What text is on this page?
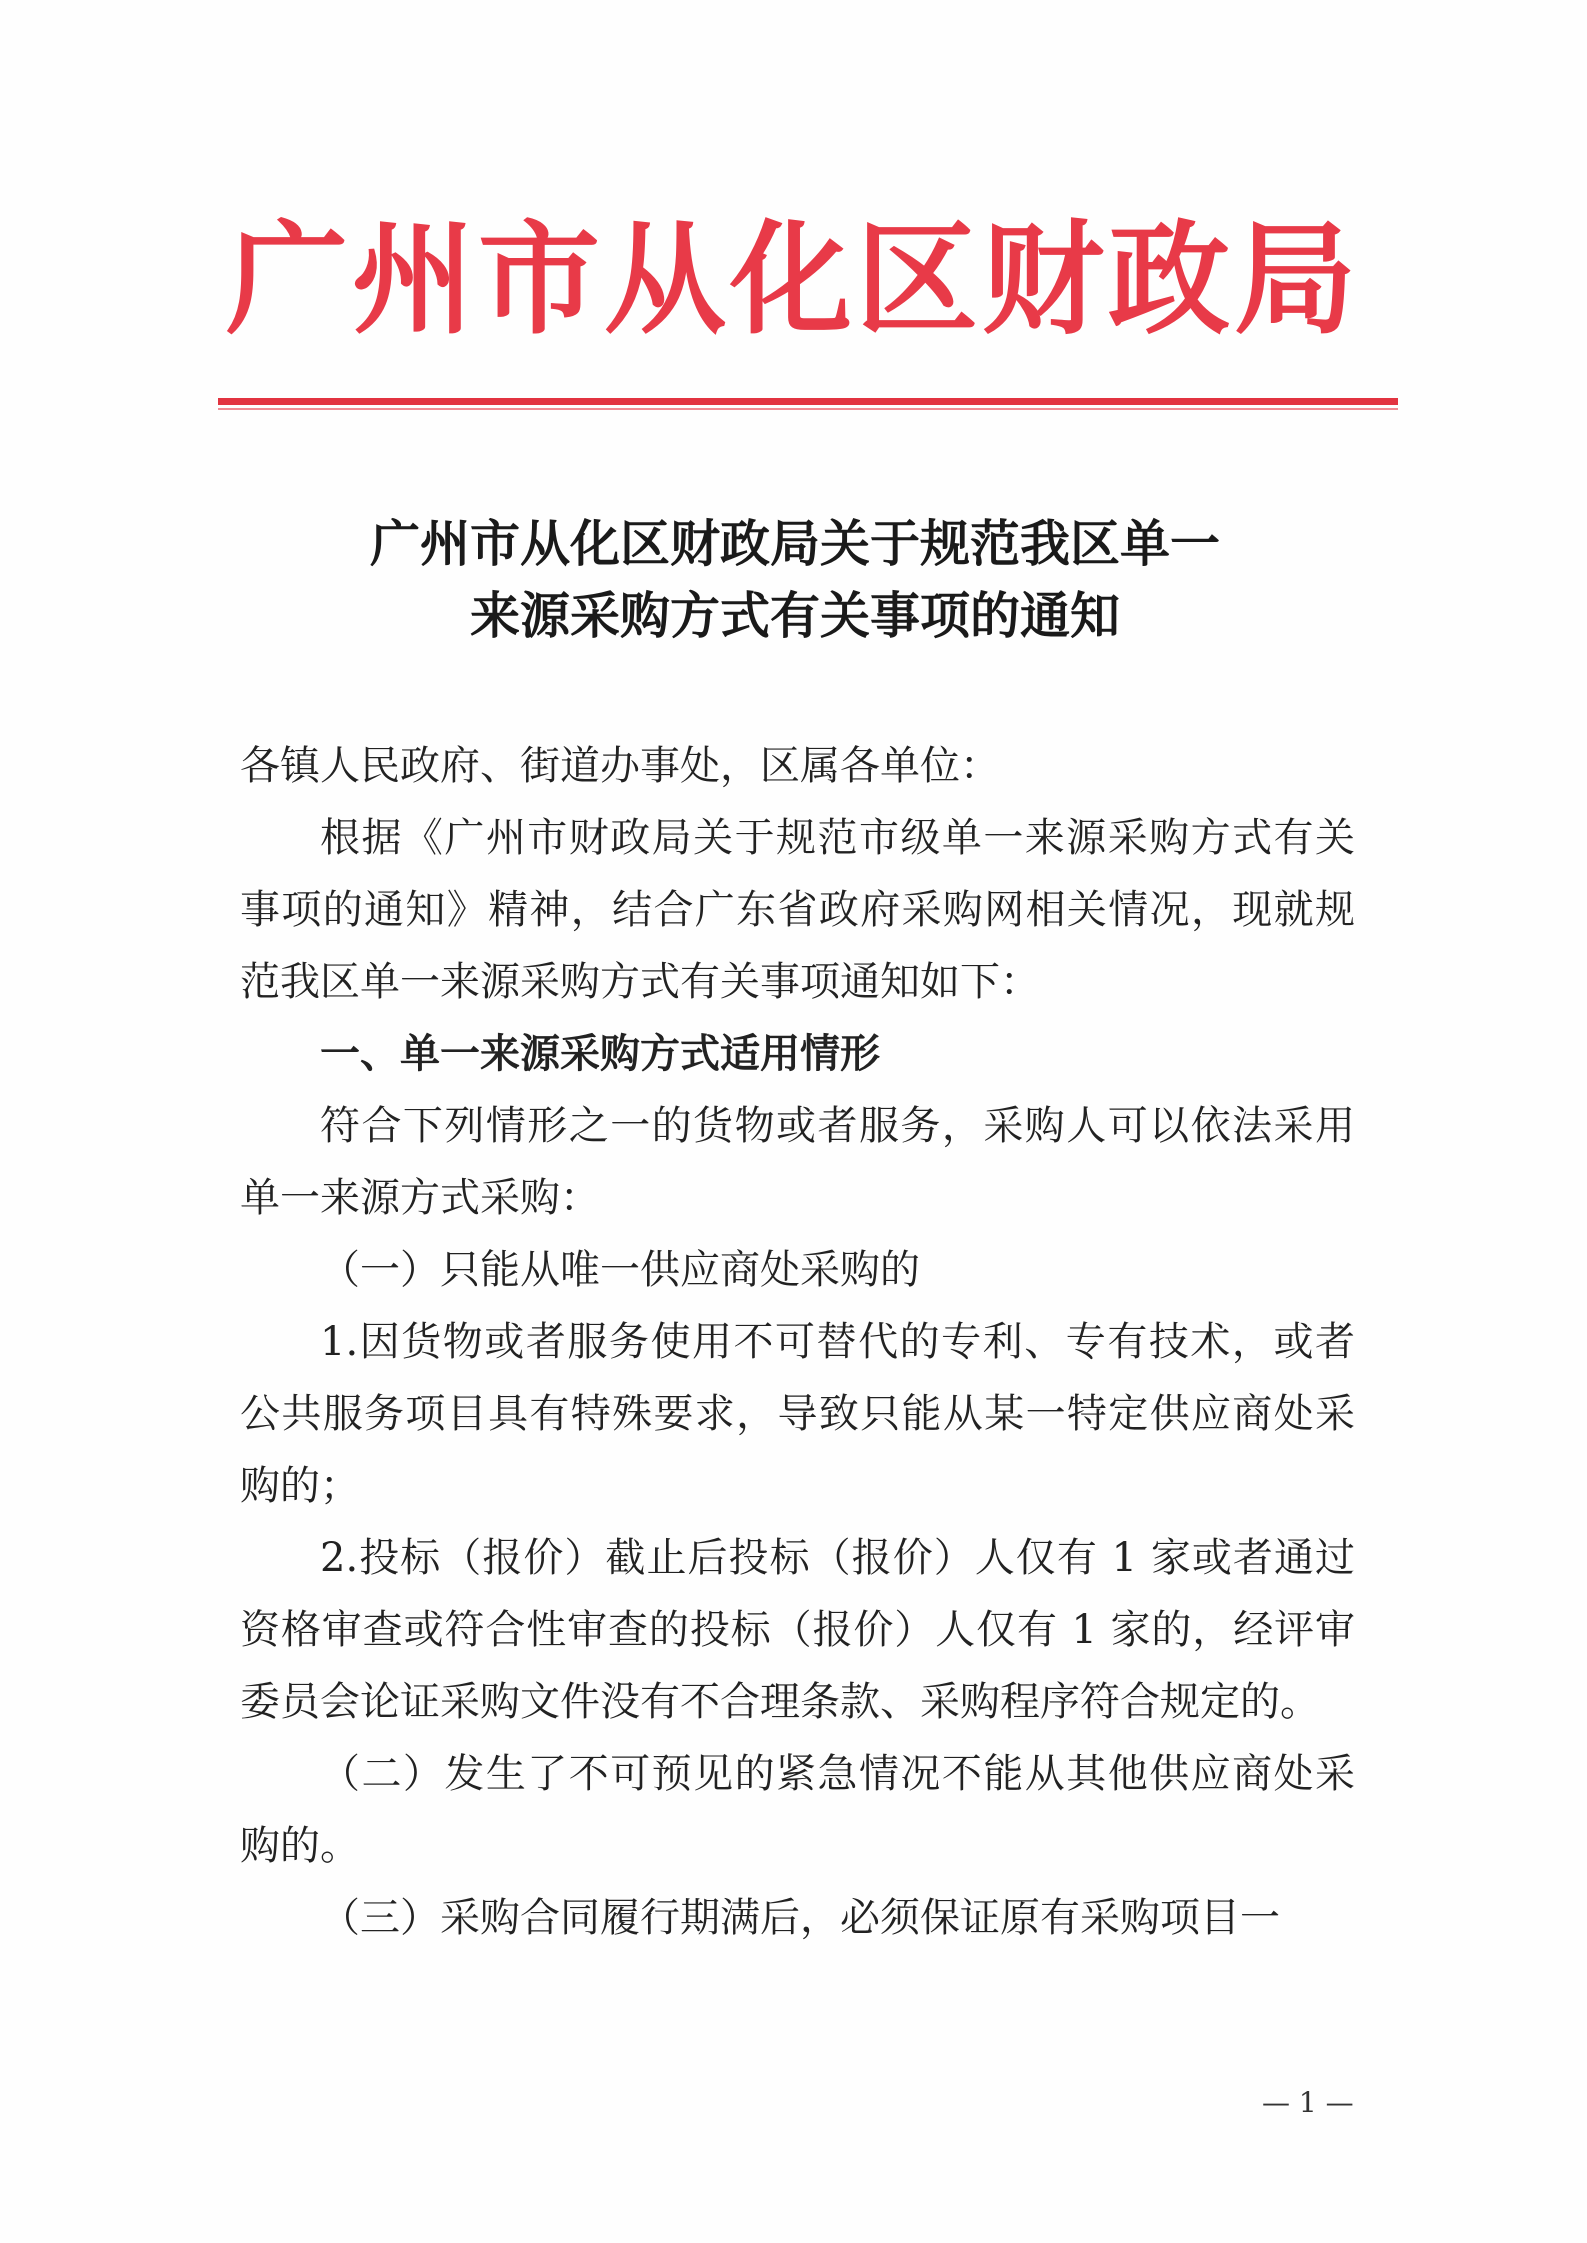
广州市从化区财政局
广州市从化区财政局关于规范我区单一
来源采购方式有关事项的通知

各镇人民政府、街道办事处，区属各单位：

根据《广州市财政局关于规范市级单一来源采购方式有关事项的通知》精神，结合广东省政府采购网相关情况，现就规范我区单一来源采购方式有关事项通知如下：

一、单一来源采购方式适用情形

符合下列情形之一的货物或者服务，采购人可以依法采用单一来源方式采购：

（一）只能从唯一供应商处采购的

1.因货物或者服务使用不可替代的专利、专有技术，或者公共服务项目具有特殊要求，导致只能从某一特定供应商处采购的；

2.投标（报价）截止后投标（报价）人仅有 1 家或者通过资格审查或符合性审查的投标（报价）人仅有 1 家的，经评审委员会论证采购文件没有不合理条款、采购程序符合规定的。

（二）发生了不可预见的紧急情况不能从其他供应商处采购的。

（三）采购合同履行期满后，必须保证原有采购项目一

— 1 —
